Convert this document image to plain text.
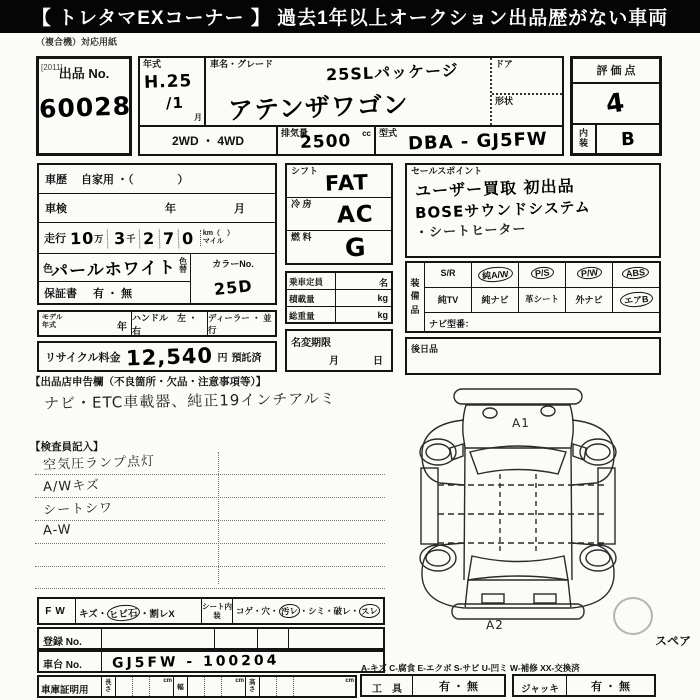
【 トレタマEXコーナー 】 過去1年以上オークション出品歴がない車両
（複合機）対応用紙
[2011]
出品 No.
60028
年式
H.25
/1
月
車名・グレード	25SLパッケージ
アテンザワゴン
ドア
形状
2WD ・ 4WD
排気量
2500 cc 型式 DBA - GJ5FW
評 価 点
4
内装 B
車歴 自家用 ・（　　　　）
車検	年	月
走行 10 万 3 千 2 7 0	km（　）
マイル
色
パールホワイト 色替
保証書 有 ・ 無
カラーNo.
25D
モデル
年式	年
ハンドル　左 ・ 右
ディーラー ・ 並行
リサイクル料金 12,540 円 預託済
シフト FAT
冷 房 AC
燃 料 G
乗車定員	名
積載量	kg
総重量	kg
名変期限
月	日
セールスポイント
ユーザー買取 初出品
BOSEサウンドシステム
・シートヒーター
装備品
S/R	純A/W	P/S	P/W	ABS
純TV	純ナビ	革シート	外ナビ	エアB
ナビ型番：
後日品
【出品店申告欄（不良箇所・欠品・注意事項等）】
ナビ・ETC車載器、純正19インチアルミ
【検査員記入】
空気圧ランプ点灯
A/Wキズ
シートシワ
A-W
A1
A2
スペア
FW	キズ・ ヒビ石・割レX
シート内装	コゲ・穴・ 汚レ ・シミ・破レ・ スレ
登録 No.
車台 No.	GJ5FW - 100204
車庫証明用
長さ
cm
幅
cm 高さ
cm
A-キズ C-腐食 E-エクボ S-サビ U-凹ミ W-補修 XX-交換済
工　具	有 ・ 無	ジャッキ	有 ・ 無
